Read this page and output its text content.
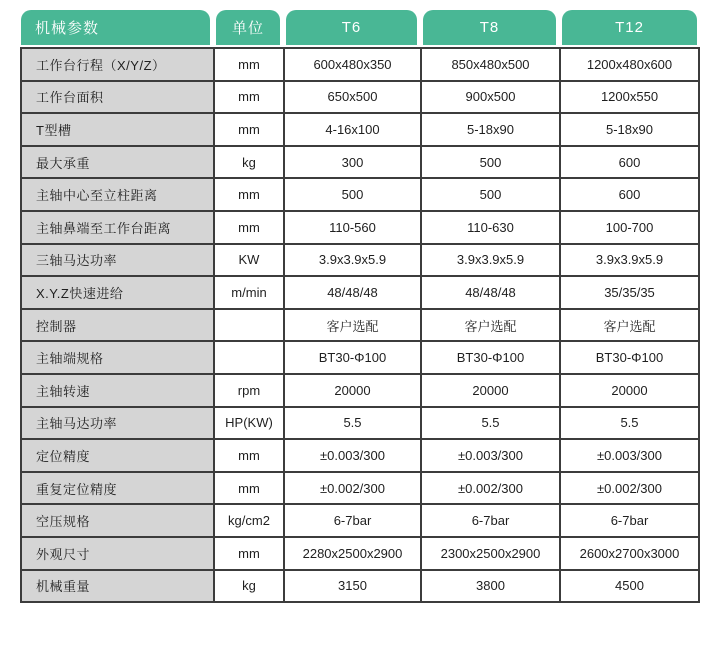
机械参数	单位	T6	T8	T12
工作台行程（X/Y/Z）	mm	600x480x350	850x480x500	1200x480x600
工作台面积	mm	650x500	900x500	1200x550
T型槽	mm	4-16x100	5-18x90	5-18x90
最大承重	kg	300	500	600
主轴中心至立柱距离	mm	500	500	600
主轴鼻端至工作台距离	mm	110-560	110-630	100-700
三轴马达功率	KW	3.9x3.9x5.9	3.9x3.9x5.9	3.9x3.9x5.9
X.Y.Z快速进给	m/min	48/48/48	48/48/48	35/35/35
控制器		客户选配	客户选配	客户选配
主轴端规格		BT30-Φ100	BT30-Φ100	BT30-Φ100
主轴转速	rpm	20000	20000	20000
主轴马达功率	HP(KW)	5.5	5.5	5.5
定位精度	mm	±0.003/300	±0.003/300	±0.003/300
重复定位精度	mm	±0.002/300	±0.002/300	±0.002/300
空压规格	kg/cm2	6-7bar	6-7bar	6-7bar
外观尺寸	mm	2280x2500x2900	2300x2500x2900	2600x2700x3000
机械重量	kg	3150	3800	4500
